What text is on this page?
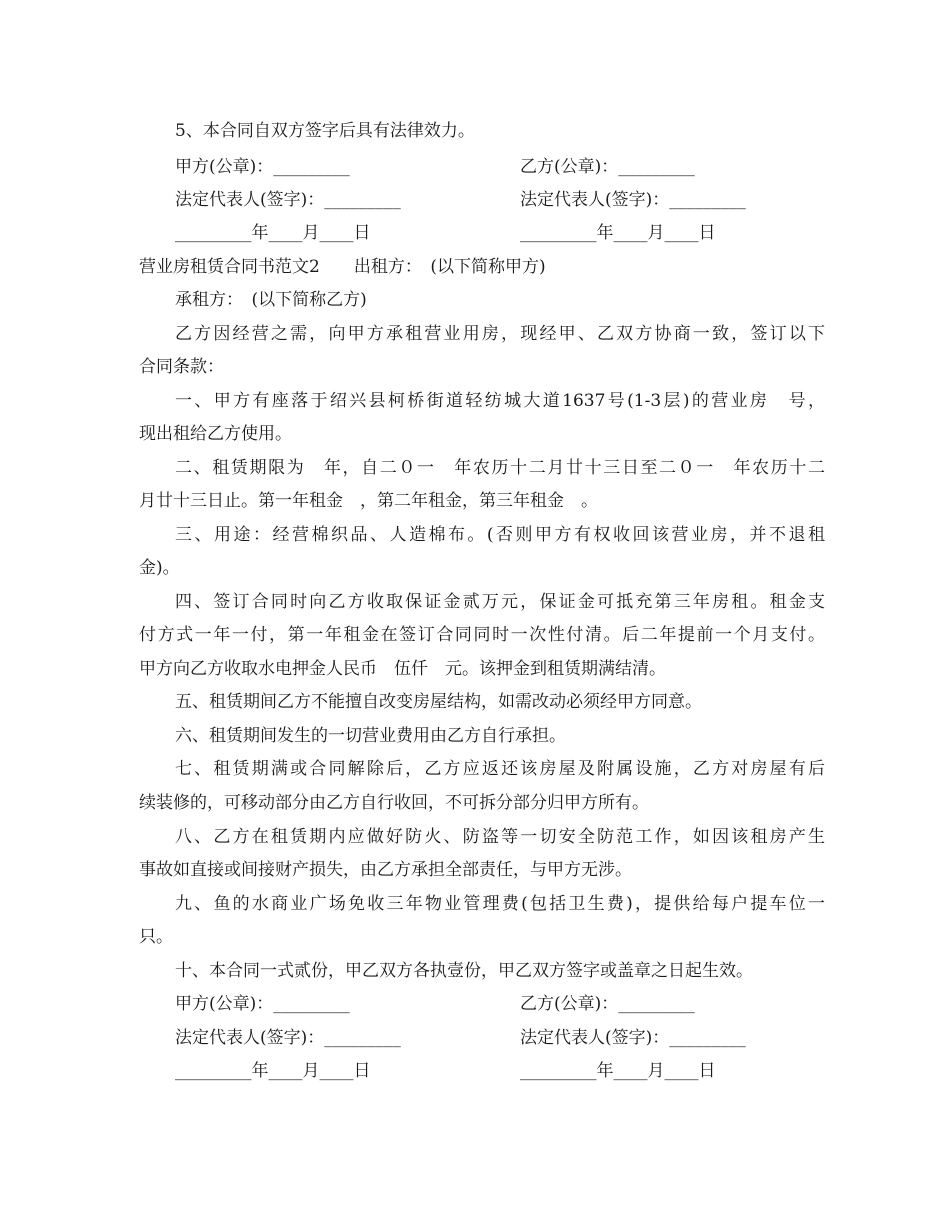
5、本合同自双方签字后具有法律效力。
甲方(公章)：_________	乙方(公章)：_________
法定代表人(签字)：_________	法定代表人(签字)：_________
_________年____月____日	_________年____月____日
营业房租赁合同书范文2　　出租方：　(以下简称甲方)
承租方：　(以下简称乙方)
乙方因经营之需，向甲方承租营业用房，现经甲、乙双方协商一致，签订以下
合同条款：
一、甲方有座落于绍兴县柯桥街道轻纺城大道1637号(1-3层)的营业房　号，
现出租给乙方使用。
二、租赁期限为　年，自二０一　年农历十二月廿十三日至二０一　年农历十二
月廿十三日止。第一年租金　，第二年租金，第三年租金　。
三、用途：经营棉织品、人造棉布。(否则甲方有权收回该营业房，并不退租
金)。
四、签订合同时向乙方收取保证金贰万元，保证金可抵充第三年房租。租金支
付方式一年一付，第一年租金在签订合同同时一次性付清。后二年提前一个月支付。
甲方向乙方收取水电押金人民币　伍仟　元。该押金到租赁期满结清。
五、租赁期间乙方不能擅自改变房屋结构，如需改动必须经甲方同意。
六、租赁期间发生的一切营业费用由乙方自行承担。
七、租赁期满或合同解除后，乙方应返还该房屋及附属设施，乙方对房屋有后
续装修的，可移动部分由乙方自行收回，不可拆分部分归甲方所有。
八、乙方在租赁期内应做好防火、防盗等一切安全防范工作，如因该租房产生
事故如直接或间接财产损失，由乙方承担全部责任，与甲方无涉。
九、鱼的水商业广场免收三年物业管理费(包括卫生费)，提供给每户提车位一
只。
十、本合同一式贰份，甲乙双方各执壹份，甲乙双方签字或盖章之日起生效。
甲方(公章)：_________	乙方(公章)：_________
法定代表人(签字)：_________	法定代表人(签字)：_________
_________年____月____日	_________年____月____日
